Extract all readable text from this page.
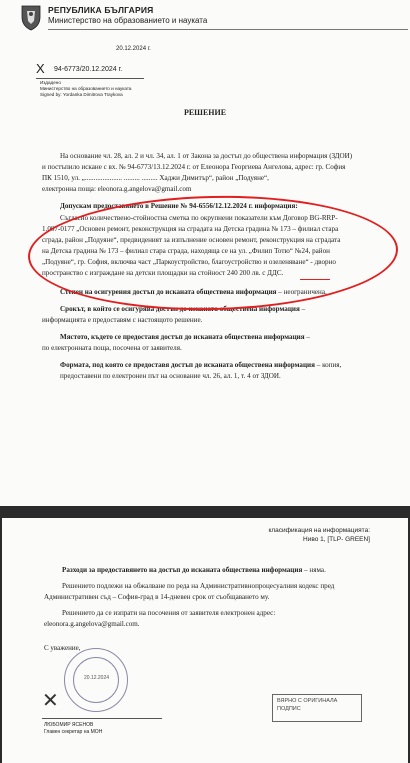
РЕПУБЛИКА БЪЛГАРИЯ
Министерство на образованието и науката
20.12.2024 г.
X 94-6773/20.12.2024 г.
Издадено
Министерство на образованието и науката
Signed by: Yordanka Dimitrova Traykova
РЕШЕНИЕ
На основание чл. 28, ал. 2 и чл. 34, ал. 1 от Закона за достъп до обществена информация (ЗДОИ)
и постъпило искане с вх. № 94-6773/13.12.2024 г. от Елеонора Георгиева Ангелова, адрес: гр. София
ПК 1510, ул. „..................... ......... ......... Хаджи Димитър“, район „Подуяне“,
електронна поща: eleonora.g.angelova@gmail.com
Допускам предоставянето в Решение № 94-6556/12.12.2024 г. информация:
Съгласно количествено-стойностна сметка по окрупнени показатели към Договор BG-RRP-
1.007-0177 „Основен ремонт, реконструкция на сградата на Детска градина № 173 – филиал стара
сграда, район „Подуяне“, предвиденият за изпълнение основен ремонт, реконструкция на сградата
на Детска градина № 173 – филиал стара сграда, находяща се на ул. „Филип Тотю“ №24, район
„Подуяне“, гр. София, включва част „Паркоустройство, благоустройство и озеленяване“ - дворно
пространство с изграждане на детски площадки на стойност 240 200 лв. с ДДС.
Степен на осигурения достъп до исканата обществена информация – неограничена.
Срокът, в който се осигурява достъп до исканата обществена информация –
информацията е предоставям с настоящото решение.
Мястото, където се предоставя достъп до исканата обществена информация –
по електронната поща, посочена от заявителя.
Формата, под която се предоставя достъп до исканата обществена информация – копия,
предоставени по електронен път на основание чл. 26, ал. 1, т. 4 от ЗДОИ.
класификация на информацията:
Ниво 1, [TLP- GREEN]
Разходи за предоставянето на достъп до исканата обществена информация – няма.
Решението подлежи на обжалване по реда на Административнопроцесуалния кодекс пред
Административен съд – София-град в 14-дневен срок от съобщаването му.
Решението да се изпрати на посочения от заявителя електронен адрес:
eleonora.g.angelova@gmail.com.
С уважение,
20.12.2024
✕
ЛЮБОМИР ЯСЕНОВ
Главен секретар на МОН
ВЯРНО С ОРИГИНАЛА ПОДПИС
